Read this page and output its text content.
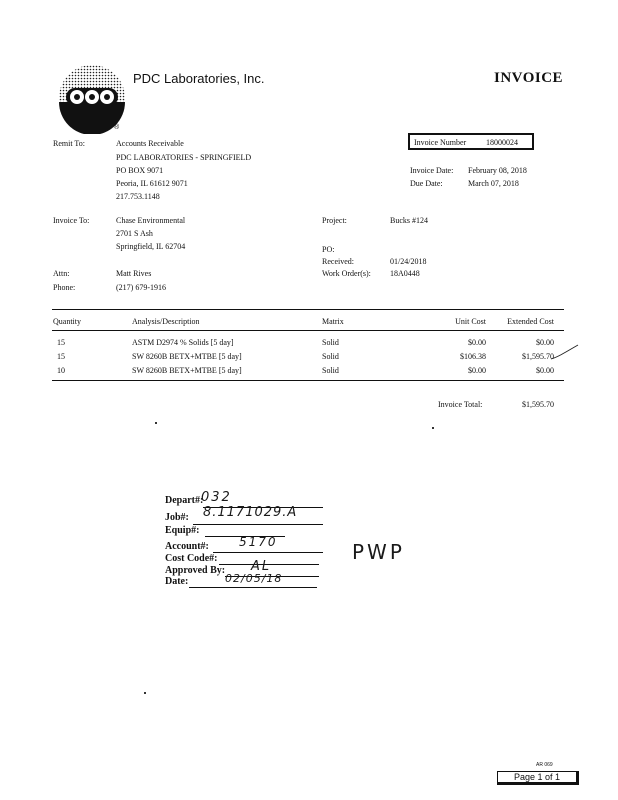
®
PDC Laboratories, Inc.	INVOICE
Remit To:	Accounts Receivable
PDC LABORATORIES - SPRINGFIELD
PO BOX 9071
Peoria, IL 61612 9071
217.753.1148
Invoice Number 18000024
Invoice Date: February 08, 2018
Due Date:	March 07, 2018
Invoice To:	Chase Environmental
2701 S Ash
Springfield, IL 62704
Attn:	Matt Rives
Phone:	(217) 679-1916
Project:	Bucks #124
PO:
Received:	01/24/2018
Work Order(s): 18A0448
Quantity	Analysis/Description	Matrix	Unit Cost	Extended Cost
15	ASTM D2974 % Solids [5 day]	Solid	$0.00	$0.00
15	SW 8260B BETX+MTBE [5 day]	Solid	$106.38	$1,595.70
10	SW 8260B BETX+MTBE [5 day]	Solid	$0.00	$0.00
Invoice Total:	$1,595.70
Depart#:
032
Job#: 8.1171029.A
Equip#:
Account#:	5170
Cost Code#:
Approved By: AL
Date:	02/05/18
PWP
AR 069
Page 1 of 1
